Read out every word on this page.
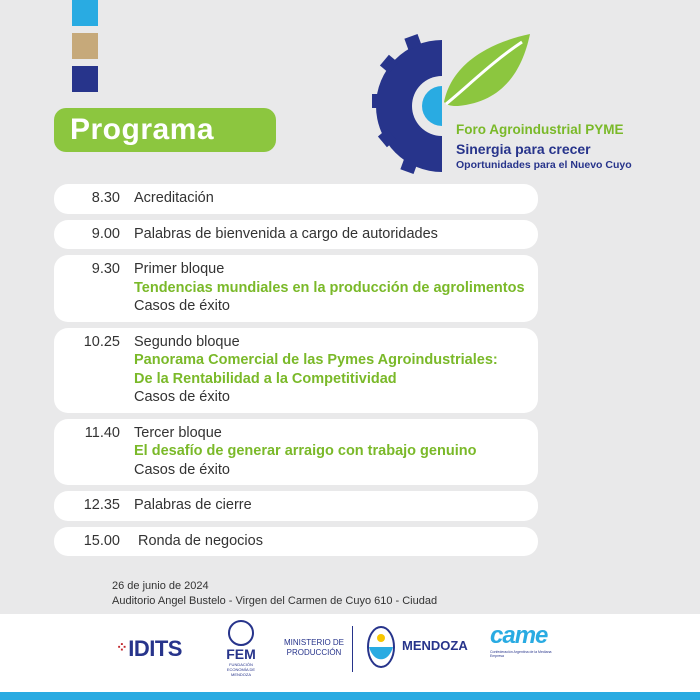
Programa	Foro Agroindustrial PYME
Sinergia para crecer
Oportunidades para el Nuevo Cuyo
8.30 Acreditación
9.00 Palabras de bienvenida a cargo de autoridades
9.30 Primer bloque
Tendencias mundiales en la producción de agrolimentos
Casos de éxito
10.25 Segundo bloque
Panorama Comercial de las Pymes Agroindustriales:
De la Rentabilidad a la Competitividad
Casos de éxito
11.40 Tercer bloque
El desafío de generar arraigo con trabajo genuino
Casos de éxito
12.35 Palabras de cierre
15.00 Ronda de negocios
26 de junio de 2024
Auditorio Angel Bustelo - Virgen del Carmen de Cuyo 610 - Ciudad
⁘IDITS	FEM
FUNDACIÓN ECONOMÍA DE MENDOZA
MINISTERIO DE
PRODUCCIÓN	MENDOZA came
Confederación Argentina de la Mediana Empresa
